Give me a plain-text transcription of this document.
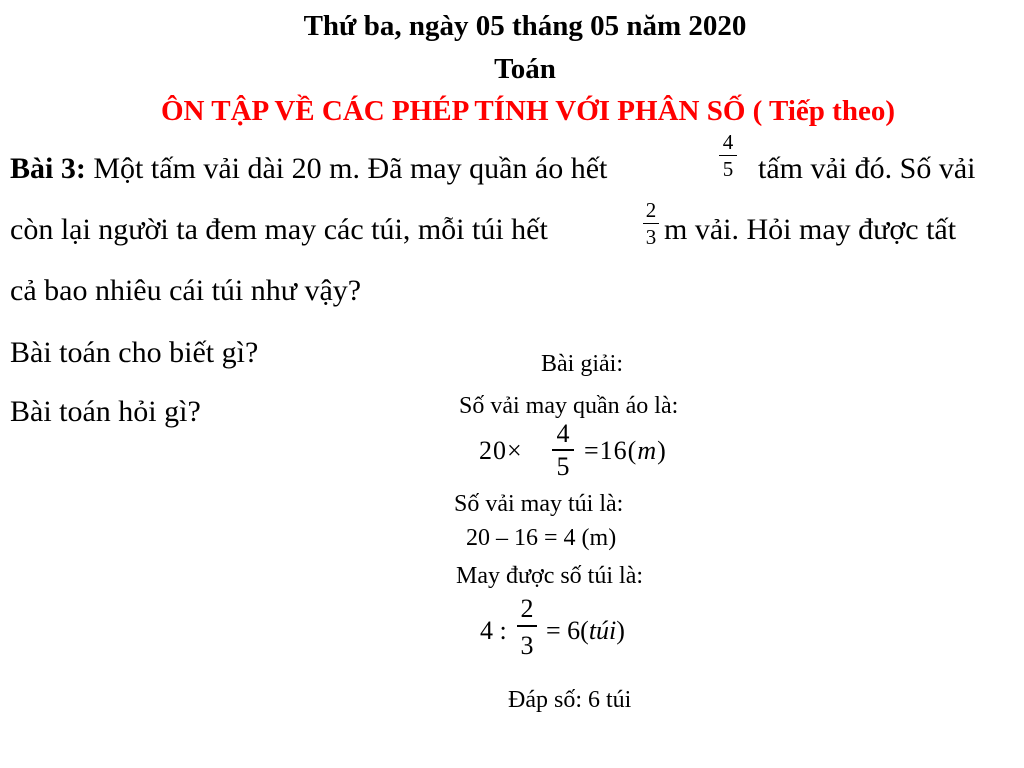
Thứ ba, ngày 05 tháng 05 năm 2020
Toán
ÔN TẬP VỀ CÁC PHÉP TÍNH VỚI PHÂN SỐ ( Tiếp theo)
Bài 3: Một tấm vải dài 20 m. Đã may quần áo hết
4
5 tấm vải đó. Số vải
còn lại người ta đem may các túi, mỗi túi hết
2
3 m vải. Hỏi may được tất
cả bao nhiêu cái túi như vậy?
Bài toán cho biết gì?
Bài toán hỏi gì?
Bài giải:
Số vải may quần áo là:
20×
4
5
=16(m)
Số vải may túi là:
20 – 16 = 4 (m)
May được số túi là:
4 :
2
3
= 6(túi)
Đáp số: 6 túi
